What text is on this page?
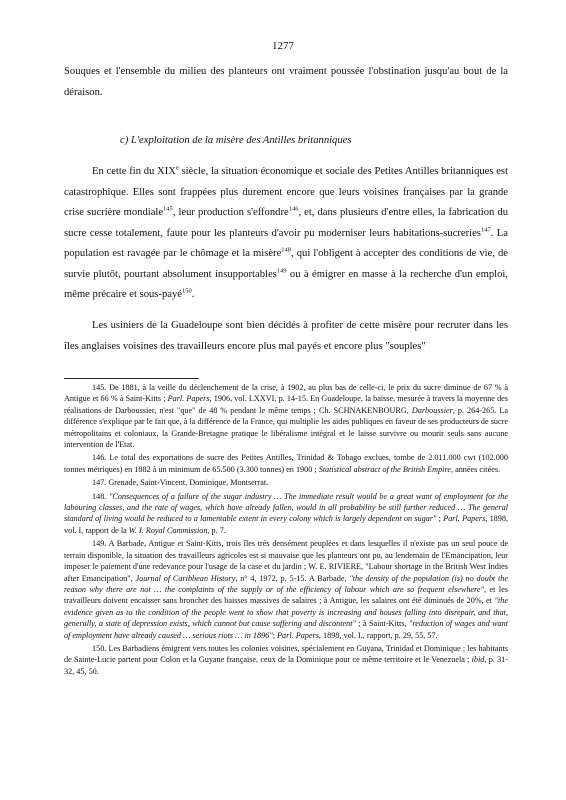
1277

Souques et l'ensemble du milieu des planteurs ont vraiment poussée l'obstination jusqu'au bout de la déraison.

c) L'exploitation de la misère des Antilles britanniques

En cette fin du XIXe siècle, la situation économique et sociale des Petites Antilles britanniques est catastrophique. Elles sont frappées plus durement encore que leurs voisines françaises par la grande crise sucrière mondiale$^{145}$, leur production s'effondre$^{146}$, et, dans plusieurs d'entre elles, la fabrication du sucre cesse totalement, faute pour les planteurs d'avoir pu moderniser leurs habitations-sucreries$^{147}$. La population est ravagée par le chômage et la misère$^{148}$, qui l'obligent à accepter des conditions de vie, de survie plutôt, pourtant absolument insupportables$^{149}$ ou à émigrer en masse à la recherche d'un emploi, même précaire et sous-payé$^{150}$.

Les usiniers de la Guadeloupe sont bien décidés à profiter de cette misère pour recruter dans les îles anglaises voisines des travailleurs encore plus mal payés et encore plus "souples"

145. De 1881, à la veille du déclenchement de la crise, à 1902, au plus bas de celle-ci, le prix du sucre diminue de 67 % à Antigue et 66 % à Saint-Kitts ; Parl. Papers, 1906, vol. LXXVI, p. 14-15. En Guadeloupe, la baisse, mesurée à travers la moyenne des réalisations de Darboussier, n'est "que" de 48 % pendant le même temps ; Ch. SCHNAKENBOURG, Darboussier, p. 264-265. La différence s'explique par le fait que, à la différence de la France, qui multiplie les aides publiques en faveur de ses producteurs de sucre métropolitains et coloniaux, la Grande-Bretagne pratique le libéralisme intégral et le laisse survivre ou mourir seuls sans aucune intervention de l'Etat.

146. Le total des exportations de sucre des Petites Antilles, Trinidad & Tobago exclues, tombe de 2.011.000 cwt (102.000 tonnes métriques) en 1882 à un minimum de 65.500 (3.300 tonnes) en 1900 ; Statistical abstract of the British Empire, années citées.

147. Grenade, Saint-Vincent, Dominique, Montserrat.

148. "Consequences of a failure of the sugar industry … The immediate result would be a great want of employment for the labouring classes, and the rate of wages, which have already fallen, would in all probability be still further reduced … The general standard of living would be reduced to a lamentable extent in every colony which is largely dependent on sugar" ; Parl. Papers, 1898, vol. I, rapport de la W. I. Royal Commission, p. 7.

149. A Barbade, Antigue et Saint-Kitts, trois îles très densément peuplées et dans lesquelles il n'existe pas un seul pouce de terrain disponible, la situation des travailleurs agricoles est si mauvaise que les planteurs ont pu, au lendemain de l'Emancipation, leur imposer le paiement d'une redevance pour l'usage de la case et du jardin ; W. E. RIVIERE, "Labour shortage in the British West Indies after Emancipation", Journal of Caribbean History, n° 4, 1972, p. 5-15. A Barbade, "the density of the population (is) no doubt the reason why there are not … the complaints of the supply or of the efficiency of labour which are so frequent elsewhere", et les travailleurs doivent encaisser sans broncher des baisses massives de salaires ; à Antigue, les salaires ont été diminués de 20%, et "the evidence given as to the condition of the people went to show that poverty is increasing and houses falling into disrepair, and that, generally, a state of depression exists, which cannot but cause suffering and discontent" ; à Saint-Kitts, "reduction of wages and want of employment have already caused … serious riots … in 1896"; Parl. Papers, 1898, vol. I., rapport, p. 29, 55, 57.

150. Les Barbadiens émigrent vers toutes les colonies voisines, spécialement en Guyana, Trinidad et Dominique ; les habitants de Sainte-Lucie partent pour Colon et la Guyane française, ceux de la Dominique pour ce même territoire et le Venezuela ; ibid, p. 31-32, 45, 50.
